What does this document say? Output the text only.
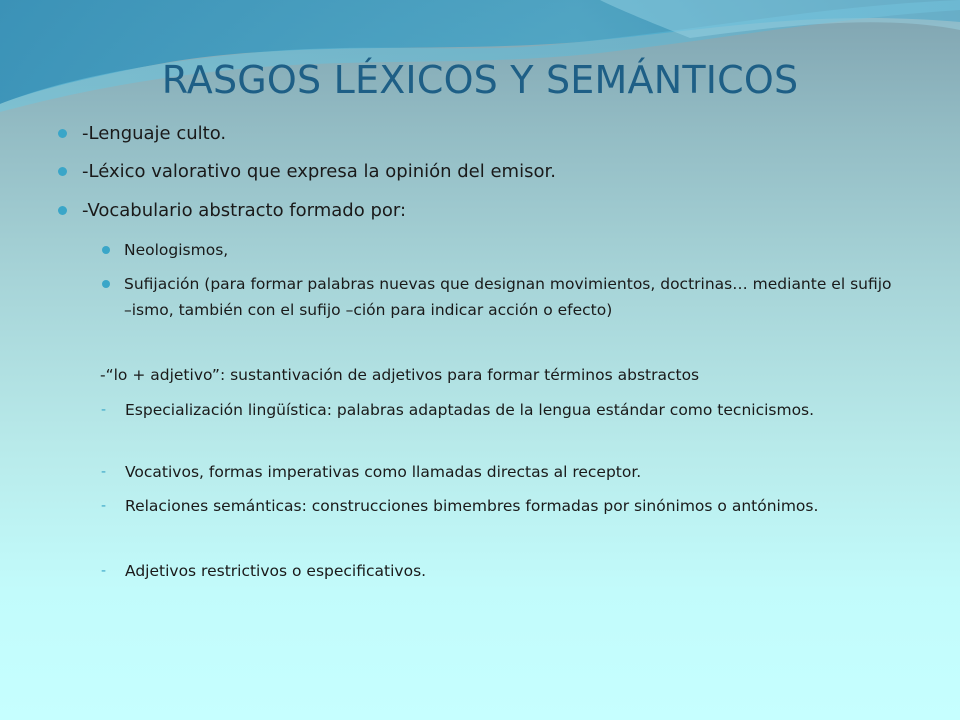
RASGOS LÉXICOS Y SEMÁNTICOS
-Lenguaje culto.
-Léxico valorativo que expresa la opinión del emisor.
-Vocabulario abstracto formado por:
Neologismos,
Sufijación (para formar palabras nuevas que designan movimientos, doctrinas… mediante el sufijo –ismo, también con el sufijo –ción para indicar acción o efecto)
-“lo + adjetivo”: sustantivación de adjetivos para formar términos abstractos
-	Especialización lingüística: palabras adaptadas de la lengua estándar como tecnicismos.
-	Vocativos, formas imperativas como llamadas directas al receptor.
-	Relaciones semánticas: construcciones bimembres formadas por sinónimos o antónimos.
-	Adjetivos restrictivos o especificativos.
